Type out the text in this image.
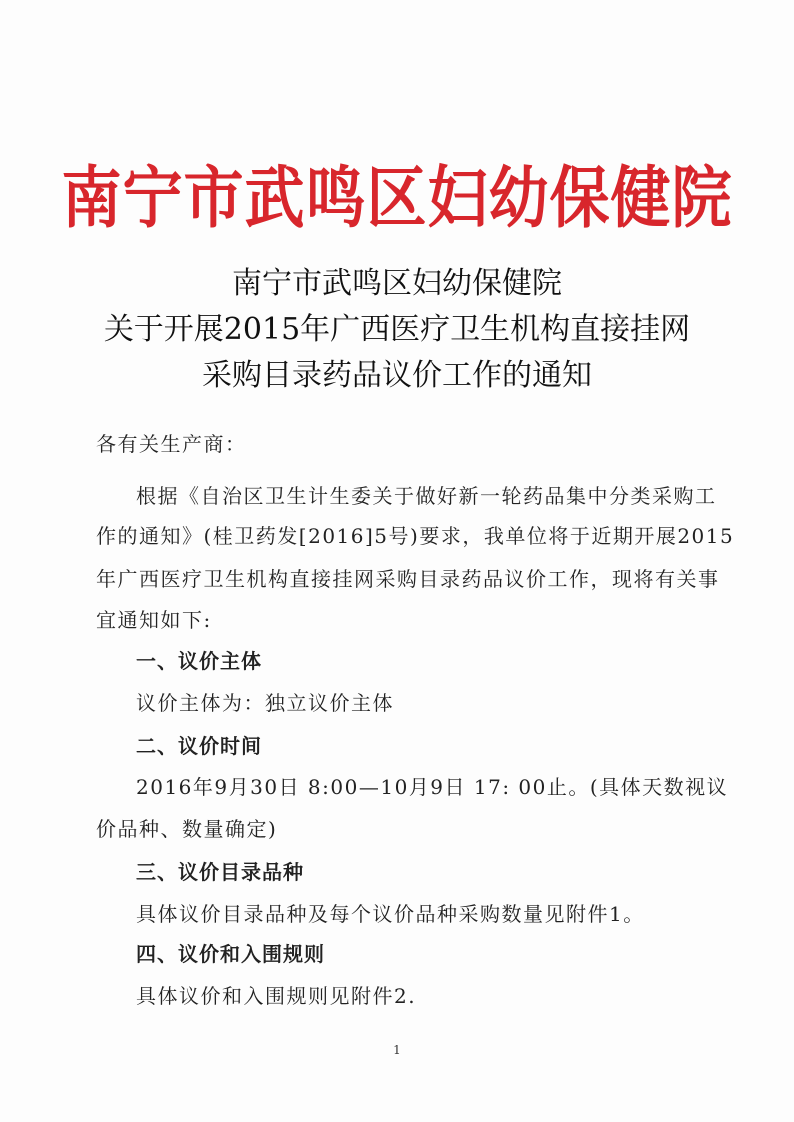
南宁市武鸣区妇幼保健院
南宁市武鸣区妇幼保健院
关于开展2015年广西医疗卫生机构直接挂网
采购目录药品议价工作的通知
各有关生产商：
根据《自治区卫生计生委关于做好新一轮药品集中分类采购工
作的通知》(桂卫药发[2016]5号)要求，我单位将于近期开展2015
年广西医疗卫生机构直接挂网采购目录药品议价工作，现将有关事
宜通知如下:
一、议价主体
议价主体为：独立议价主体
二、议价时间
2016年9月30日 8:00—10月9日 17: 00止。(具体天数视议
价品种、数量确定)
三、议价目录品种
具体议价目录品种及每个议价品种采购数量见附件1。
四、议价和入围规则
具体议价和入围规则见附件2.
1
